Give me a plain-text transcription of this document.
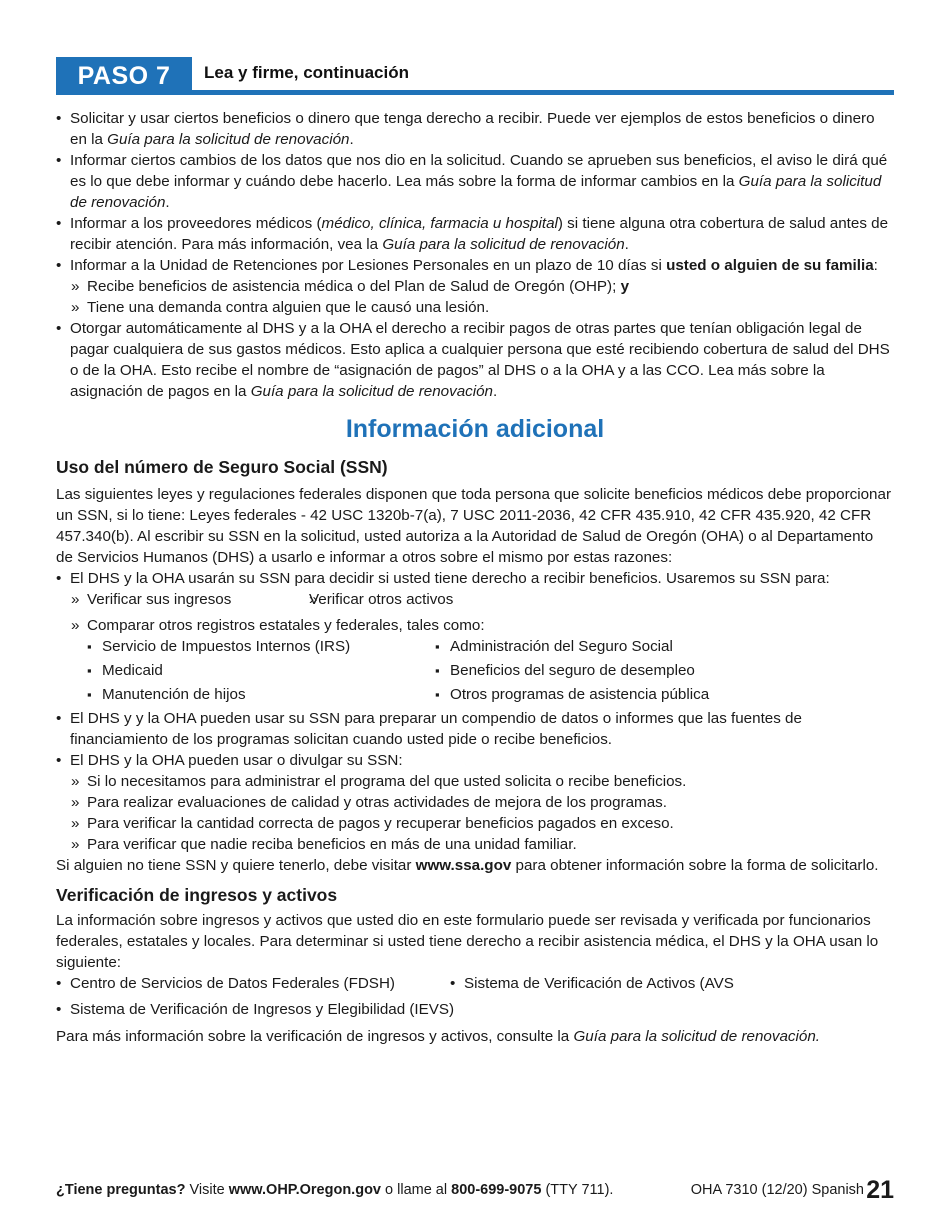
PASO 7	Lea y firme, continuación

• Solicitar y usar ciertos beneficios o dinero que tenga derecho a recibir. Puede ver ejemplos de estos beneficios o dinero en la Guía para la solicitud de renovación.

• Informar ciertos cambios de los datos que nos dio en la solicitud. Cuando se aprueben sus beneficios, el aviso le dirá qué es lo que debe informar y cuándo debe hacerlo. Lea más sobre la forma de informar cambios en la Guía para la solicitud de renovación.

• Informar a los proveedores médicos (médico, clínica, farmacia u hospital) si tiene alguna otra cobertura de salud antes de recibir atención. Para más información, vea la Guía para la solicitud de renovación.

• Informar a la Unidad de Retenciones por Lesiones Personales en un plazo de 10 días si usted o alguien de su familia:

» Recibe beneficios de asistencia médica o del Plan de Salud de Oregón (OHP); y

» Tiene una demanda contra alguien que le causó una lesión.

• Otorgar automáticamente al DHS y a la OHA el derecho a recibir pagos de otras partes que tenían obligación legal de pagar cualquiera de sus gastos médicos. Esto aplica a cualquier persona que esté recibiendo cobertura de salud del DHS o de la OHA. Esto recibe el nombre de “asignación de pagos” al DHS o a la OHA y a las CCO. Lea más sobre la asignación de pagos en la Guía para la solicitud de renovación.

Información adicional
Uso del número de Seguro Social (SSN)

Las siguientes leyes y regulaciones federales disponen que toda persona que solicite beneficios médicos debe proporcionar un SSN, si lo tiene: Leyes federales - 42 USC 1320b-7(a), 7 USC 2011-2036, 42 CFR 435.910, 42 CFR 435.920, 42 CFR 457.340(b). Al escribir su SSN en la solicitud, usted autoriza a la Autoridad de Salud de Oregón (OHA) o al Departamento de Servicios Humanos (DHS) a usarlo e informar a otros sobre el mismo por estas razones:

• El DHS y la OHA usarán su SSN para decidir si usted tiene derecho a recibir beneficios. Usaremos su SSN para:

» Verificar sus ingresos	» Verificar otros activos

» Comparar otros registros estatales y federales, tales como:

▪ Servicio de Impuestos Internos (IRS)	▪ Administración del Seguro Social

▪ Medicaid	▪ Beneficios del seguro de desempleo

▪ Manutención de hijos	▪ Otros programas de asistencia pública

• El DHS y y la OHA pueden usar su SSN para preparar un compendio de datos o informes que las fuentes de financiamiento de los programas solicitan cuando usted pide o recibe beneficios.

• El DHS y la OHA pueden usar o divulgar su SSN:

» Si lo necesitamos para administrar el programa del que usted solicita o recibe beneficios.

» Para realizar evaluaciones de calidad y otras actividades de mejora de los programas.

» Para verificar la cantidad correcta de pagos y recuperar beneficios pagados en exceso.

» Para verificar que nadie reciba beneficios en más de una unidad familiar.

Si alguien no tiene SSN y quiere tenerlo, debe visitar www.ssa.gov para obtener información sobre la forma de solicitarlo.

Verificación de ingresos y activos

La información sobre ingresos y activos que usted dio en este formulario puede ser revisada y verificada por funcionarios federales, estatales y locales. Para determinar si usted tiene derecho a recibir asistencia médica, el DHS y la OHA usan lo siguiente:

• Centro de Servicios de Datos Federales (FDSH)	• Sistema de Verificación de Activos (AVS

• Sistema de Verificación de Ingresos y Elegibilidad (IEVS)

Para más información sobre la verificación de ingresos y activos, consulte la Guía para la solicitud de renovación.

¿Tiene preguntas? Visite www.OHP.Oregon.gov o llame al 800-699-9075 (TTY 711).	OHA 7310 (12/20) Spanish 21
